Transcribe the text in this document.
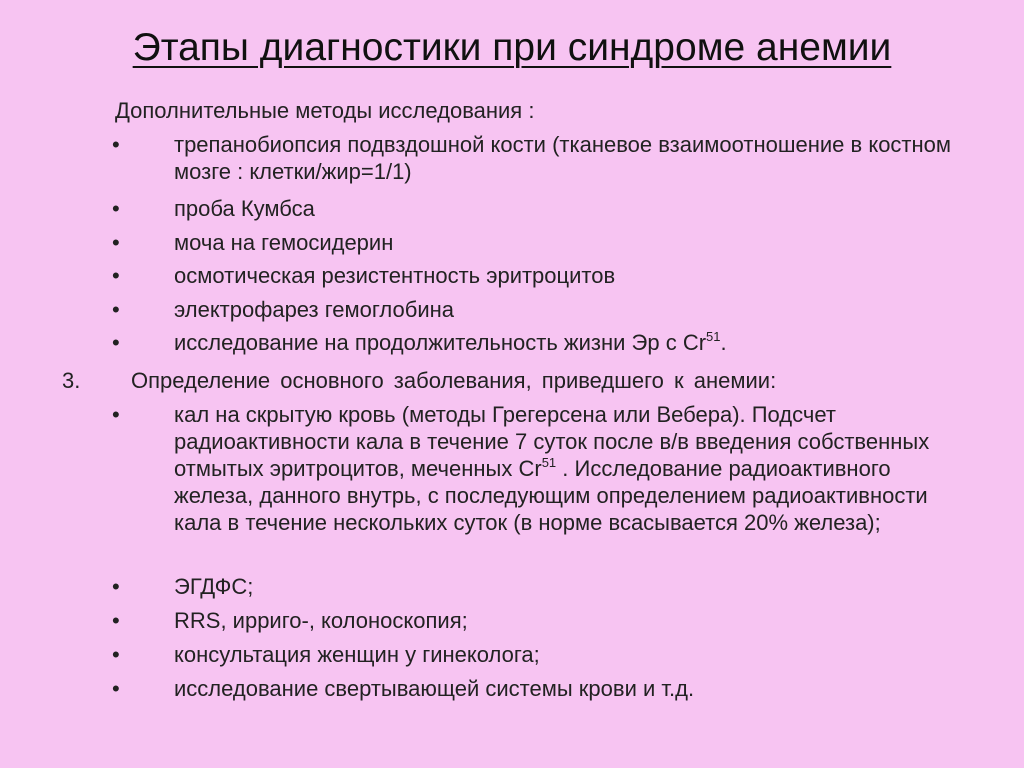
Этапы диагностики при синдроме анемии
Дополнительные методы исследования :
• трепанобиопсия подвздошной кости (тканевое взаимоотношение в костном мозге : клетки/жир=1/1)
• проба Кумбса
• моча на гемосидерин
• осмотическая резистентность эритроцитов
• электрофарез гемоглобина
• исследование на продолжительность жизни Эр с Cr$^{51}$.
3. Определение основного заболевания, приведшего к анемии:
• кал на скрытую кровь (методы Грегерсена или Вебера). Подсчет радиоактивности кала в течение 7 суток после в/в введения собственных отмытых эритроцитов, меченных Cr$^{51}$ . Исследование радиоактивного железа, данного внутрь, с последующим определением радиоактивности кала в течение нескольких суток (в норме всасывается 20% железа);
• ЭГДФС;
• RRS, ирриго-, колоноскопия;
• консультация женщин у гинеколога;
• исследование свертывающей системы крови и т.д.
